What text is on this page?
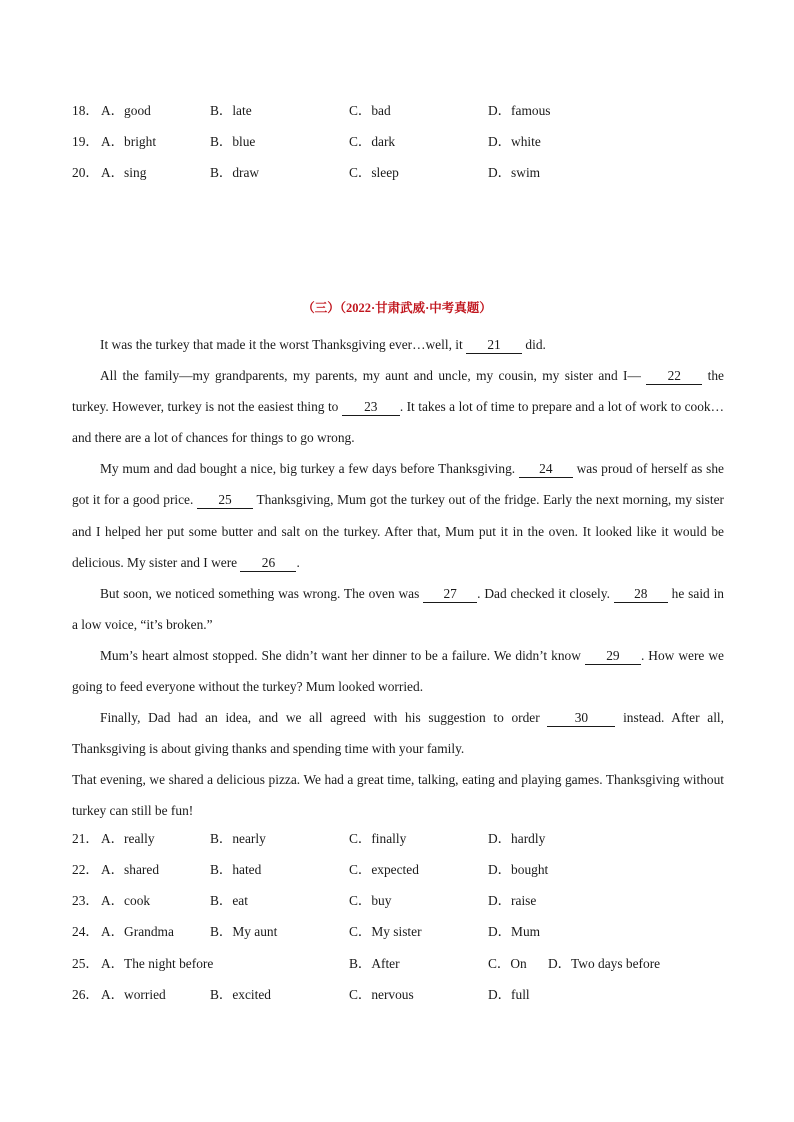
18． A．good	B．late	C．bad	D．famous
19． A．bright	B．blue	C．dark	D．white
20． A．sing	B．draw	C．sleep	D．swim
（三）（2022·甘肃武威·中考真题）

It was the turkey that made it the worst Thanksgiving ever…well, it 21 did.

All the family—my grandparents, my parents, my aunt and uncle, my cousin, my sister and I— 22 the turkey. However, turkey is not the easiest thing to 23 . It takes a lot of time to prepare and a lot of work to cook…and there are a lot of chances for things to go wrong.

My mum and dad bought a nice, big turkey a few days before Thanksgiving. 24 was proud of herself as she got it for a good price. 25 Thanksgiving, Mum got the turkey out of the fridge. Early the next morning, my sister and I helped her put some butter and salt on the turkey. After that, Mum put it in the oven. It looked like it would be delicious. My sister and I were 26 .

But soon, we noticed something was wrong. The oven was 27 . Dad checked it closely. 28 he said in a low voice, “it’s broken.”

Mum’s heart almost stopped. She didn’t want her dinner to be a failure. We didn’t know 29 . How were we going to feed everyone without the turkey? Mum looked worried.

Finally, Dad had an idea, and we all agreed with his suggestion to order 30 instead. After all, Thanksgiving is about giving thanks and spending time with your family.

That evening, we shared a delicious pizza. We had a great time, talking, eating and playing games. Thanksgiving without turkey can still be fun!

21． A．really	B．nearly	C．finally	D．hardly
22． A．shared	B．hated	C．expected	D．bought
23． A．cook	B．eat	C．buy	D．raise
24． A．Grandma	B．My aunt	C．My sister	D．Mum
25． A．The night before	B．After	C．On D．Two days before
26． A．worried	B．excited	C．nervous	D．full
